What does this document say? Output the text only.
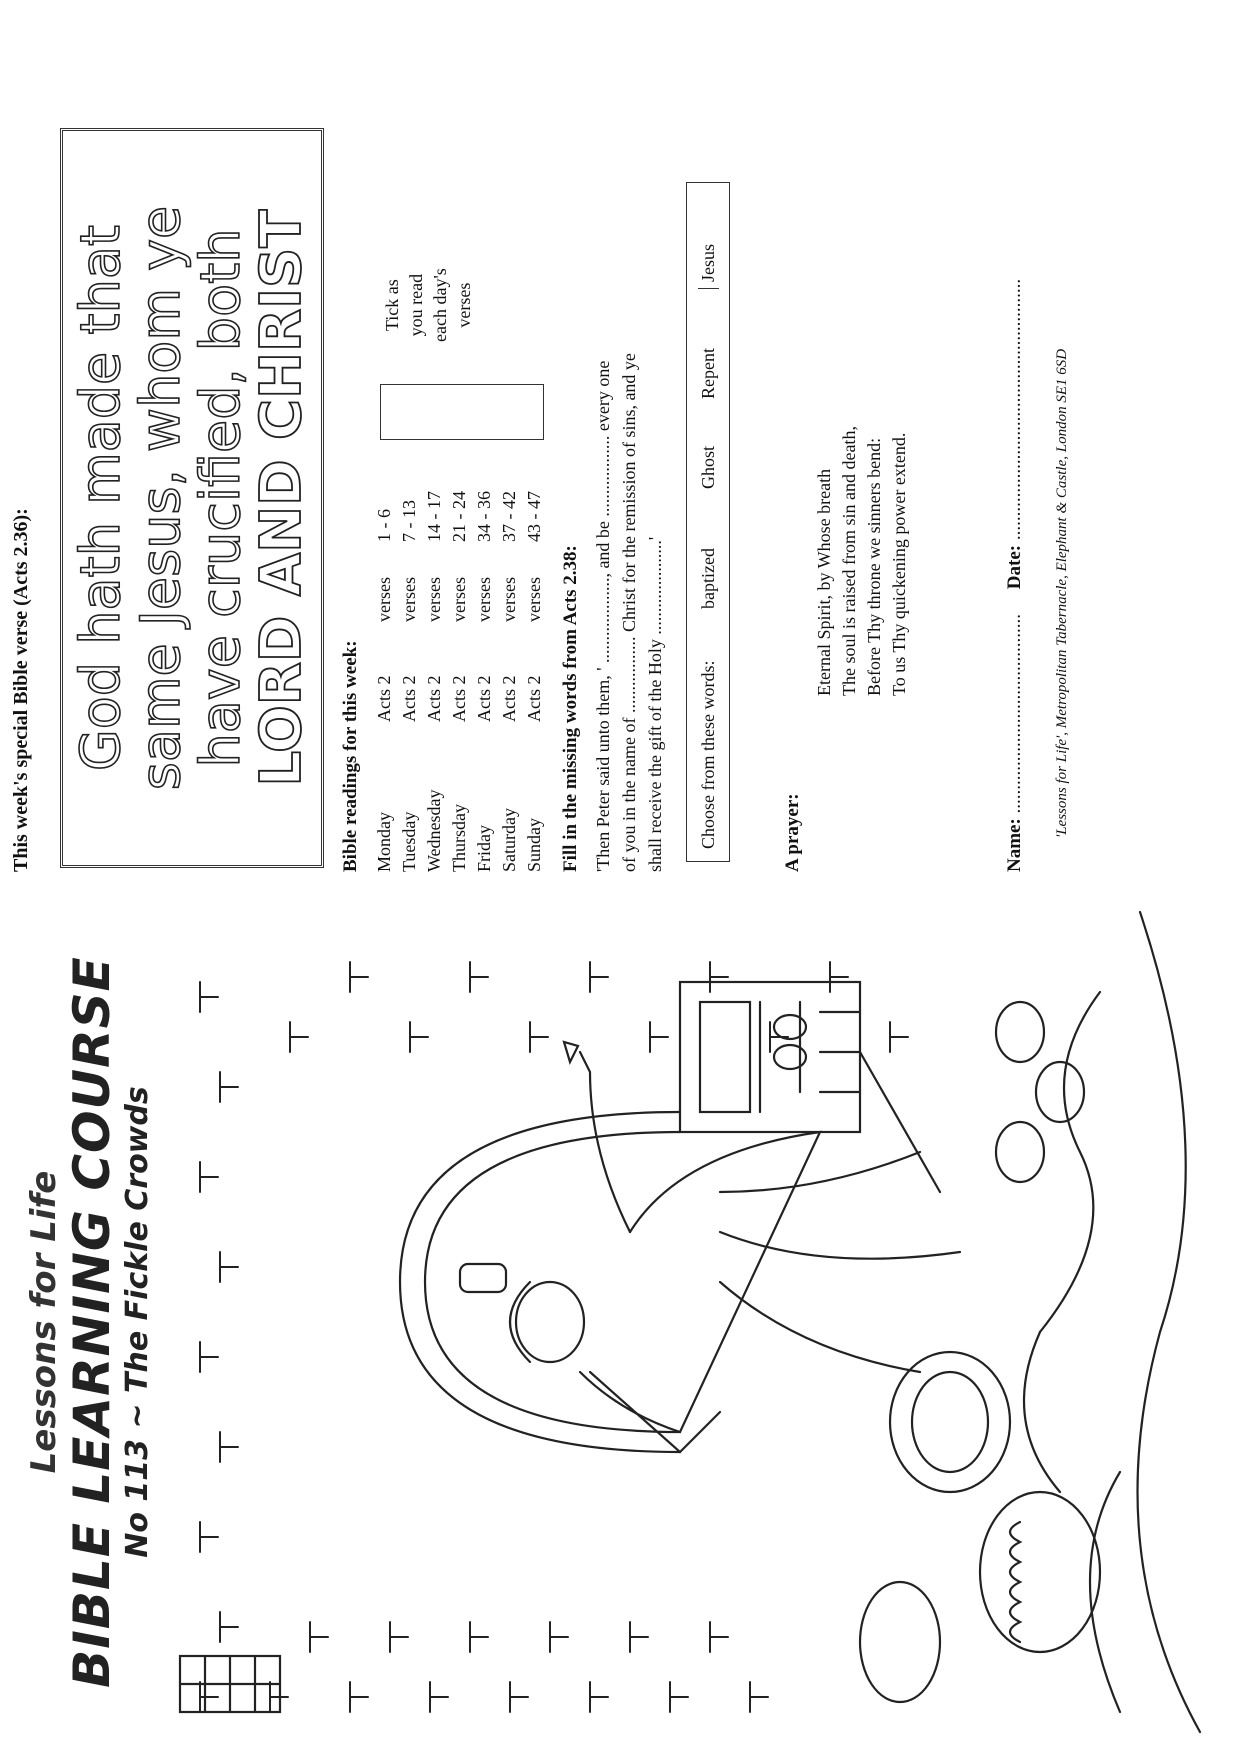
Lessons for Life BIBLE LEARNING COURSE No 113 ~ The Fickle Crowds
This week's special Bible verse (Acts 2.36): God hath made that
same Jesus, whom ye
have crucified, both
LORD AND CHRIST Bible readings for this week: Monday
Acts 2
verses
1 - 6
Tuesday
Acts 2
verses
7 - 13
Wednesday
Acts 2
verses
14 - 17
Thursday
Acts 2
verses
21 - 24
Friday
Acts 2
verses
34 - 36
Saturday
Acts 2
verses
37 - 42
Sunday
Acts 2
verses
43 - 47
Tick as you read each day's verses
Fill in the missing words from Acts 2.38: 'Then Peter said unto them, ' ..................., and be .................. every one of you in the name of ................. Christ for the remission of sins, and ye shall receive the gift of the Holy .....................' Choose from these words:
baptized
Ghost
Repent
Jesus
A prayer:
Eternal Spirit, by Whose breath The soul is raised from sin and death, Before Thy throne we sinners bend: To us Thy quickening power extend.
Name: .......................................... Date: ....................................................... 'Lessons for Life', Metropolitan Tabernacle, Elephant & Castle, London SE1 6SD
